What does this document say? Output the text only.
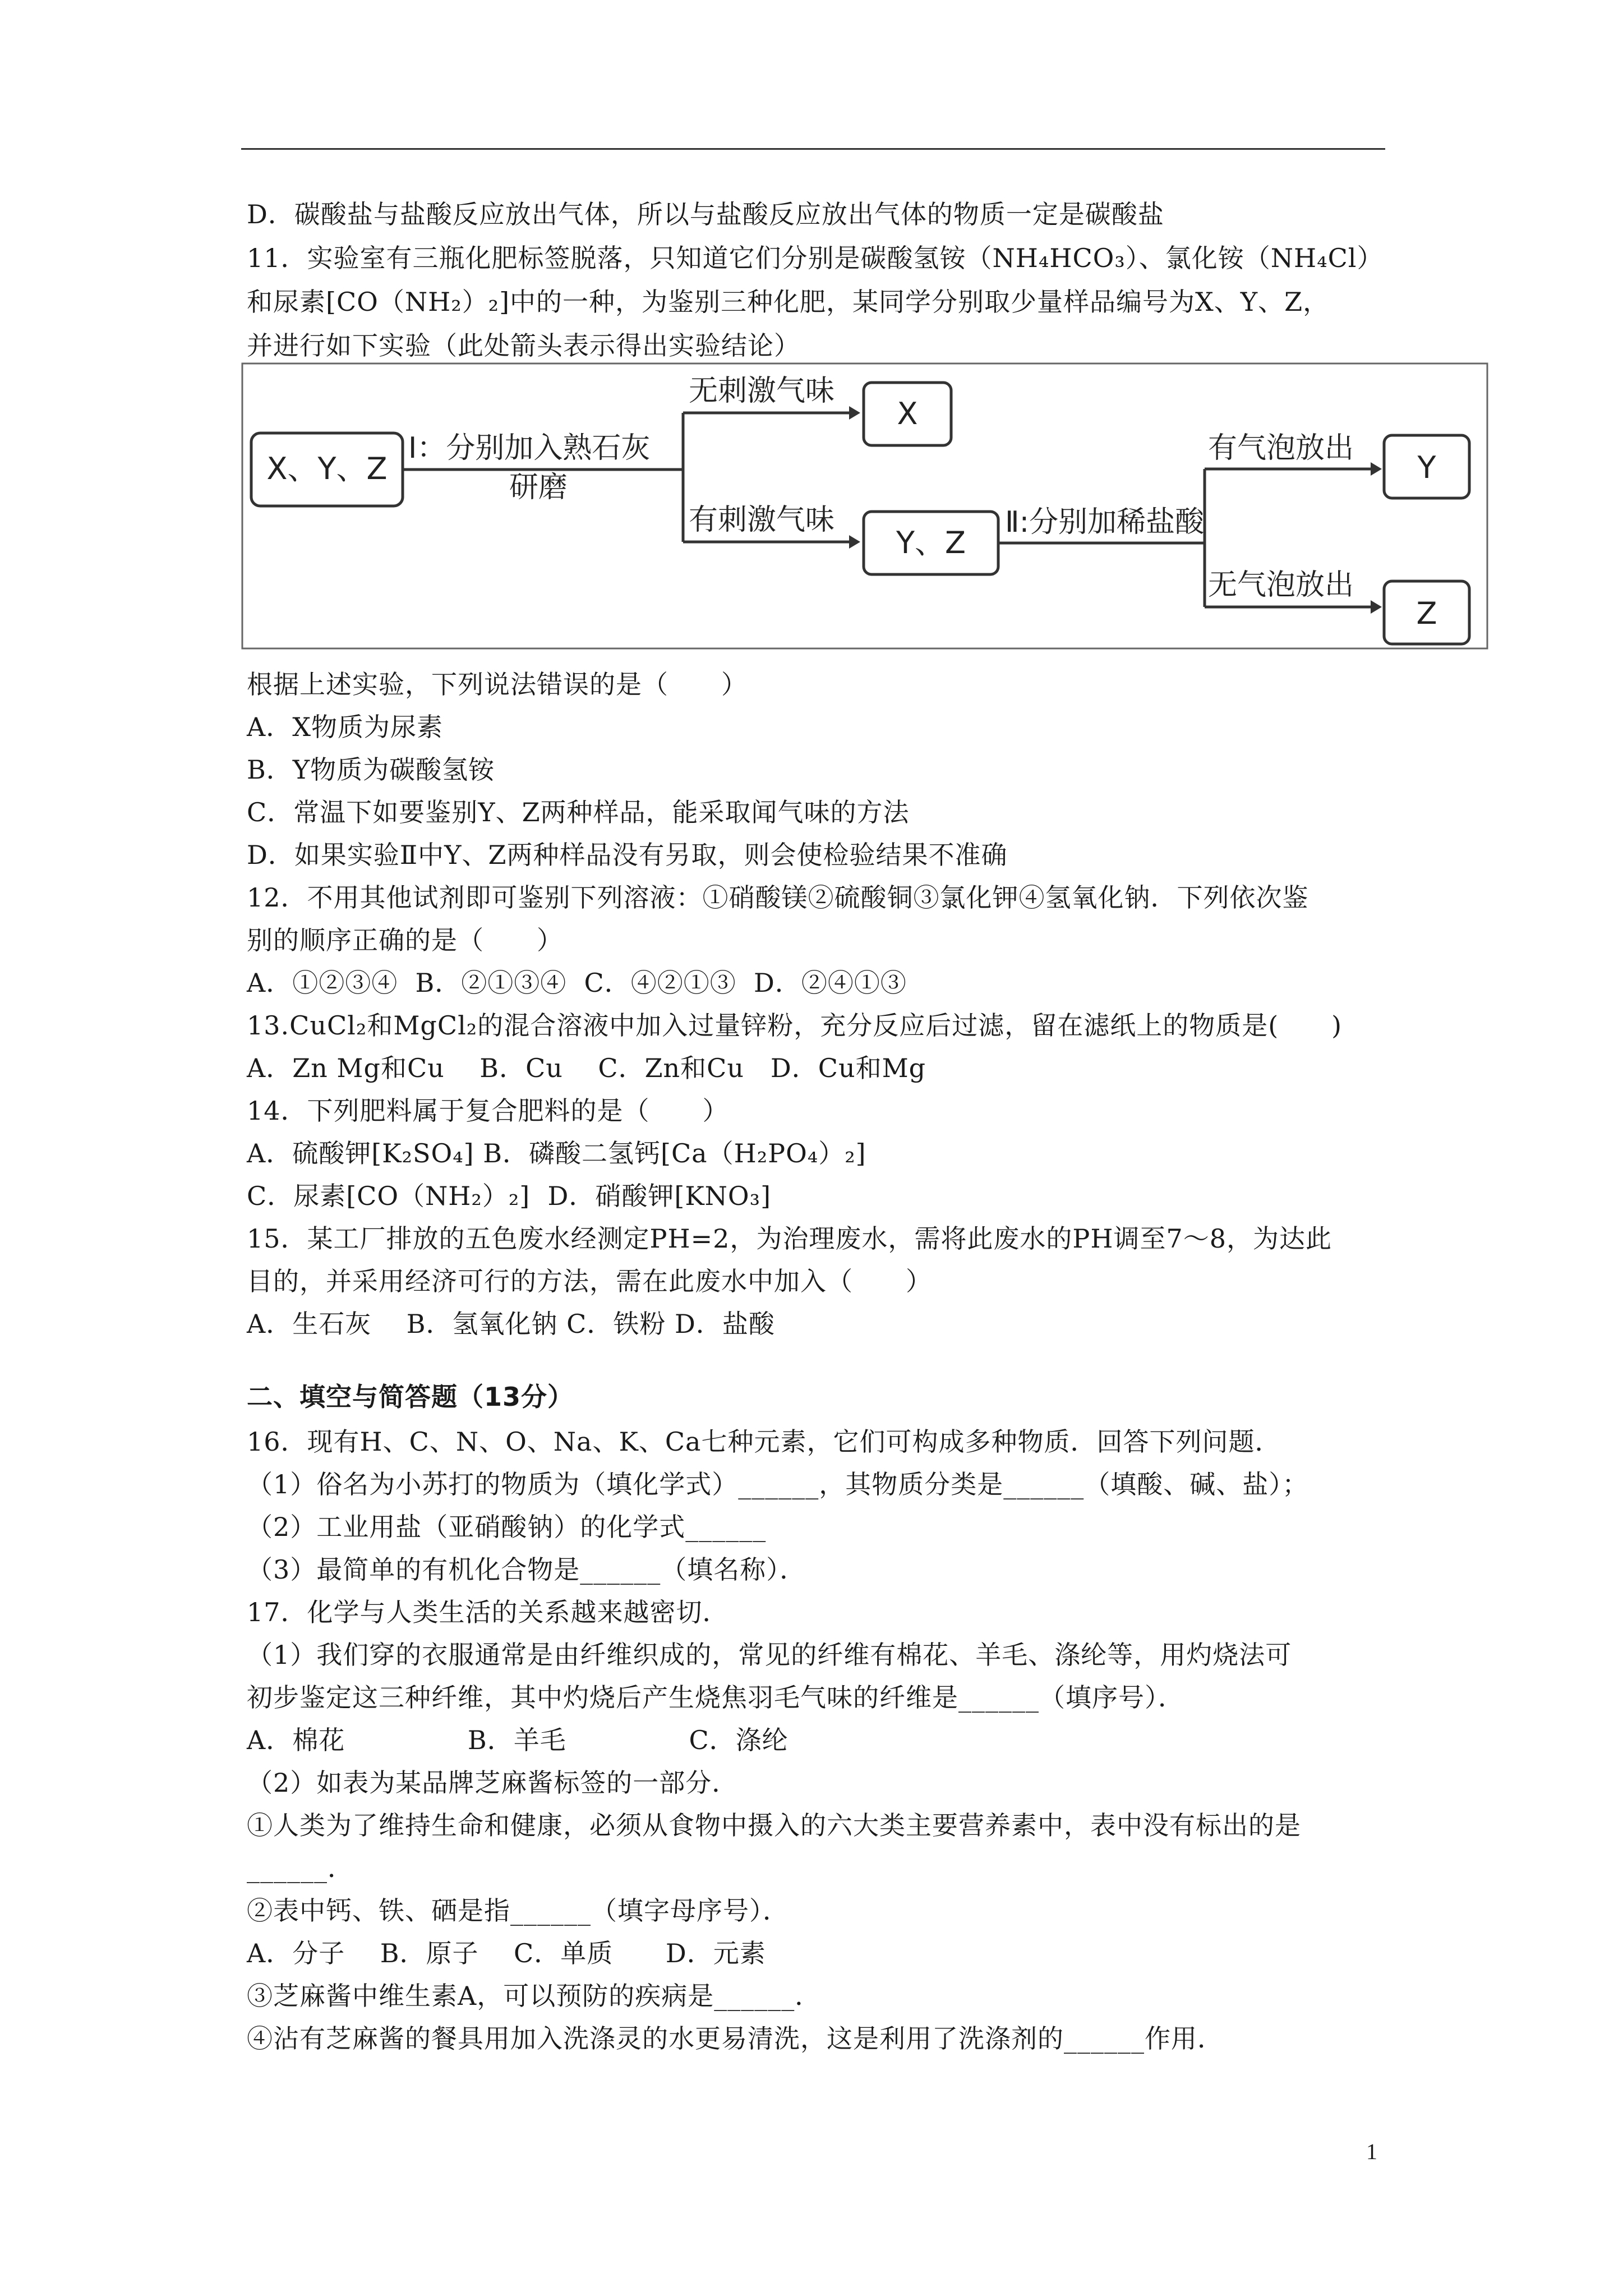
D．碳酸盐与盐酸反应放出气体，所以与盐酸反应放出气体的物质一定是碳酸盐
11．实验室有三瓶化肥标签脱落，只知道它们分别是碳酸氢铵（NH₄HCO₃）、氯化铵（NH₄Cl）
和尿素[CO（NH₂）₂]中的一种，为鉴别三种化肥，某同学分别取少量样品编号为X、Y、Z，
并进行如下实验（此处箭头表示得出实验结论）
X、Y、Z
Ⅰ：分别加入熟石灰
研磨
无刺激气味
X
有刺激气味
Y、Z
Ⅱ:分别加稀盐酸
有气泡放出
Y
无气泡放出
Z
根据上述实验，下列说法错误的是（　　）
A．X物质为尿素
B．Y物质为碳酸氢铵
C．常温下如要鉴别Y、Z两种样品，能采取闻气味的方法
D．如果实验Ⅱ中Y、Z两种样品没有另取，则会使检验结果不准确
12．不用其他试剂即可鉴别下列溶液：①硝酸镁②硫酸铜③氯化钾④氢氧化钠．下列依次鉴
别的顺序正确的是（　　）
A．①②③④  B．②①③④  C．④②①③  D．②④①③
13.CuCl₂和MgCl₂的混合溶液中加入过量锌粉，充分反应后过滤，留在滤纸上的物质是(　　)
A．Zn Mg和Cu    B．Cu    C．Zn和Cu   D．Cu和Mg
14．下列肥料属于复合肥料的是（　　）
A．硫酸钾[K₂SO₄] B．磷酸二氢钙[Ca（H₂PO₄）₂]
C．尿素[CO（NH₂）₂]  D．硝酸钾[KNO₃]
15．某工厂排放的五色废水经测定PH=2，为治理废水，需将此废水的PH调至7～8，为达此
目的，并采用经济可行的方法，需在此废水中加入（　　）
A．生石灰    B．氢氧化钠 C．铁粉 D．盐酸
二、填空与简答题（13分）
16．现有H、C、N、O、Na、K、Ca七种元素，它们可构成多种物质．回答下列问题．
（1）俗名为小苏打的物质为（填化学式）______，其物质分类是______（填酸、碱、盐）；
（2）工业用盐（亚硝酸钠）的化学式______
（3）最简单的有机化合物是______（填名称）．
17．化学与人类生活的关系越来越密切．
（1）我们穿的衣服通常是由纤维织成的，常见的纤维有棉花、羊毛、涤纶等，用灼烧法可
初步鉴定这三种纤维，其中灼烧后产生烧焦羽毛气味的纤维是______（填序号）．
A．棉花              B．羊毛              C．涤纶
（2）如表为某品牌芝麻酱标签的一部分．
①人类为了维持生命和健康，必须从食物中摄入的六大类主要营养素中，表中没有标出的是
______．
②表中钙、铁、硒是指______（填字母序号）．
A．分子    B．原子    C．单质      D．元素
③芝麻酱中维生素A，可以预防的疾病是______．
④沾有芝麻酱的餐具用加入洗涤灵的水更易清洗，这是利用了洗涤剂的______作用．
1
